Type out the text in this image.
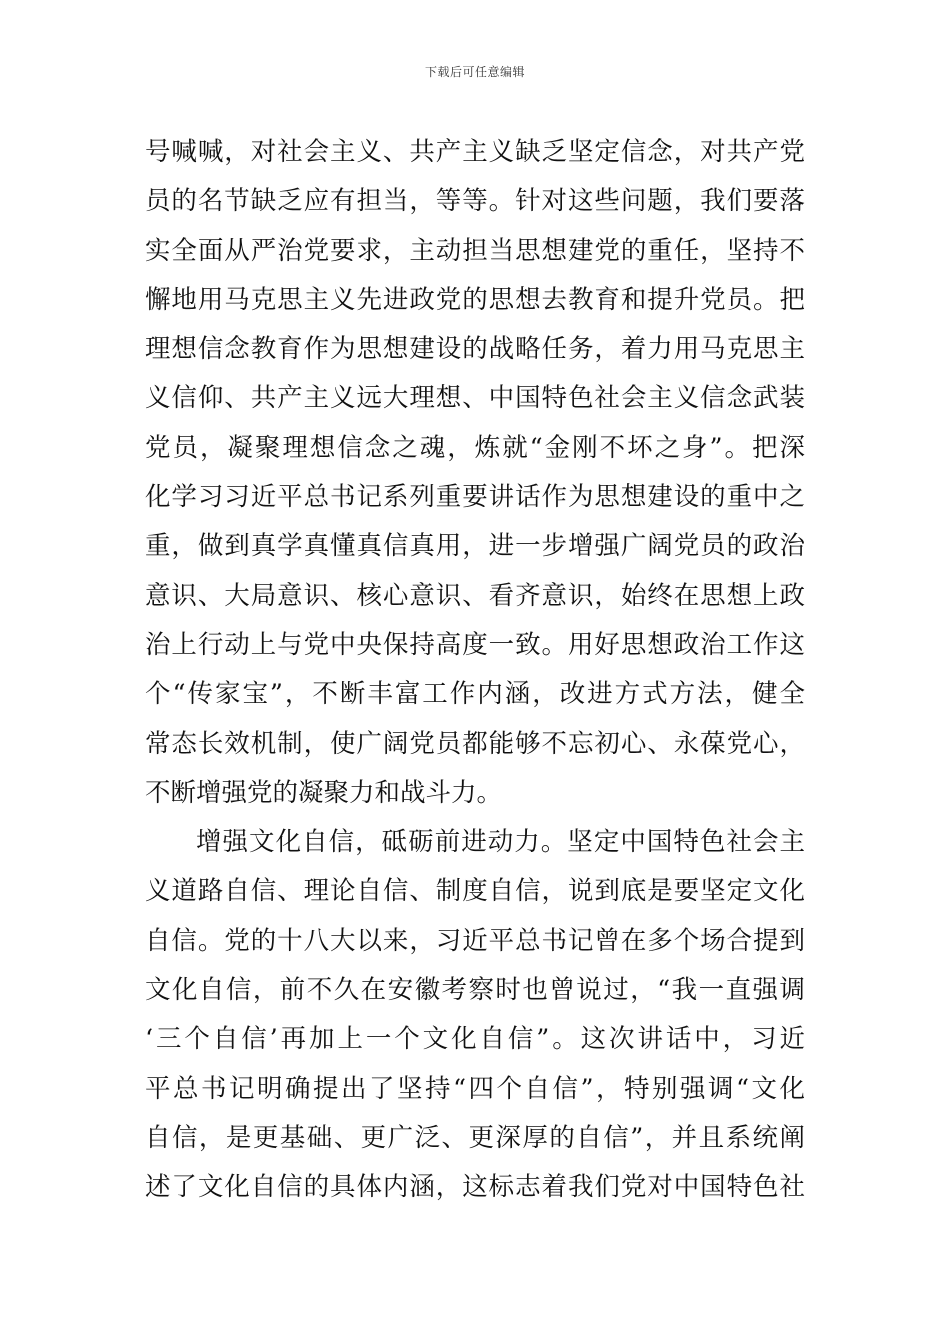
下载后可任意编辑
号喊喊，对社会主义、共产主义缺乏坚定信念，对共产党
员的名节缺乏应有担当，等等。针对这些问题，我们要落
实全面从严治党要求，主动担当思想建党的重任，坚持不
懈地用马克思主义先进政党的思想去教育和提升党员。把
理想信念教育作为思想建设的战略任务，着力用马克思主
义信仰、共产主义远大理想、中国特色社会主义信念武装
党员，凝聚理想信念之魂，炼就“金刚不坏之身”。把深
化学习习近平总书记系列重要讲话作为思想建设的重中之
重，做到真学真懂真信真用，进一步增强广阔党员的政治
意识、大局意识、核心意识、看齐意识，始终在思想上政
治上行动上与党中央保持高度一致。用好思想政治工作这
个“传家宝”，不断丰富工作内涵，改进方式方法，健全
常态长效机制，使广阔党员都能够不忘初心、永葆党心，
不断增强党的凝聚力和战斗力。
增强文化自信，砥砺前进动力。坚定中国特色社会主
义道路自信、理论自信、制度自信，说到底是要坚定文化
自信。党的十八大以来，习近平总书记曾在多个场合提到
文化自信，前不久在安徽考察时也曾说过，“我一直强调
‘三个自信’再加上一个文化自信”。这次讲话中，习近
平总书记明确提出了坚持“四个自信”，特别强调“文化
自信，是更基础、更广泛、更深厚的自信”，并且系统阐
述了文化自信的具体内涵，这标志着我们党对中国特色社
